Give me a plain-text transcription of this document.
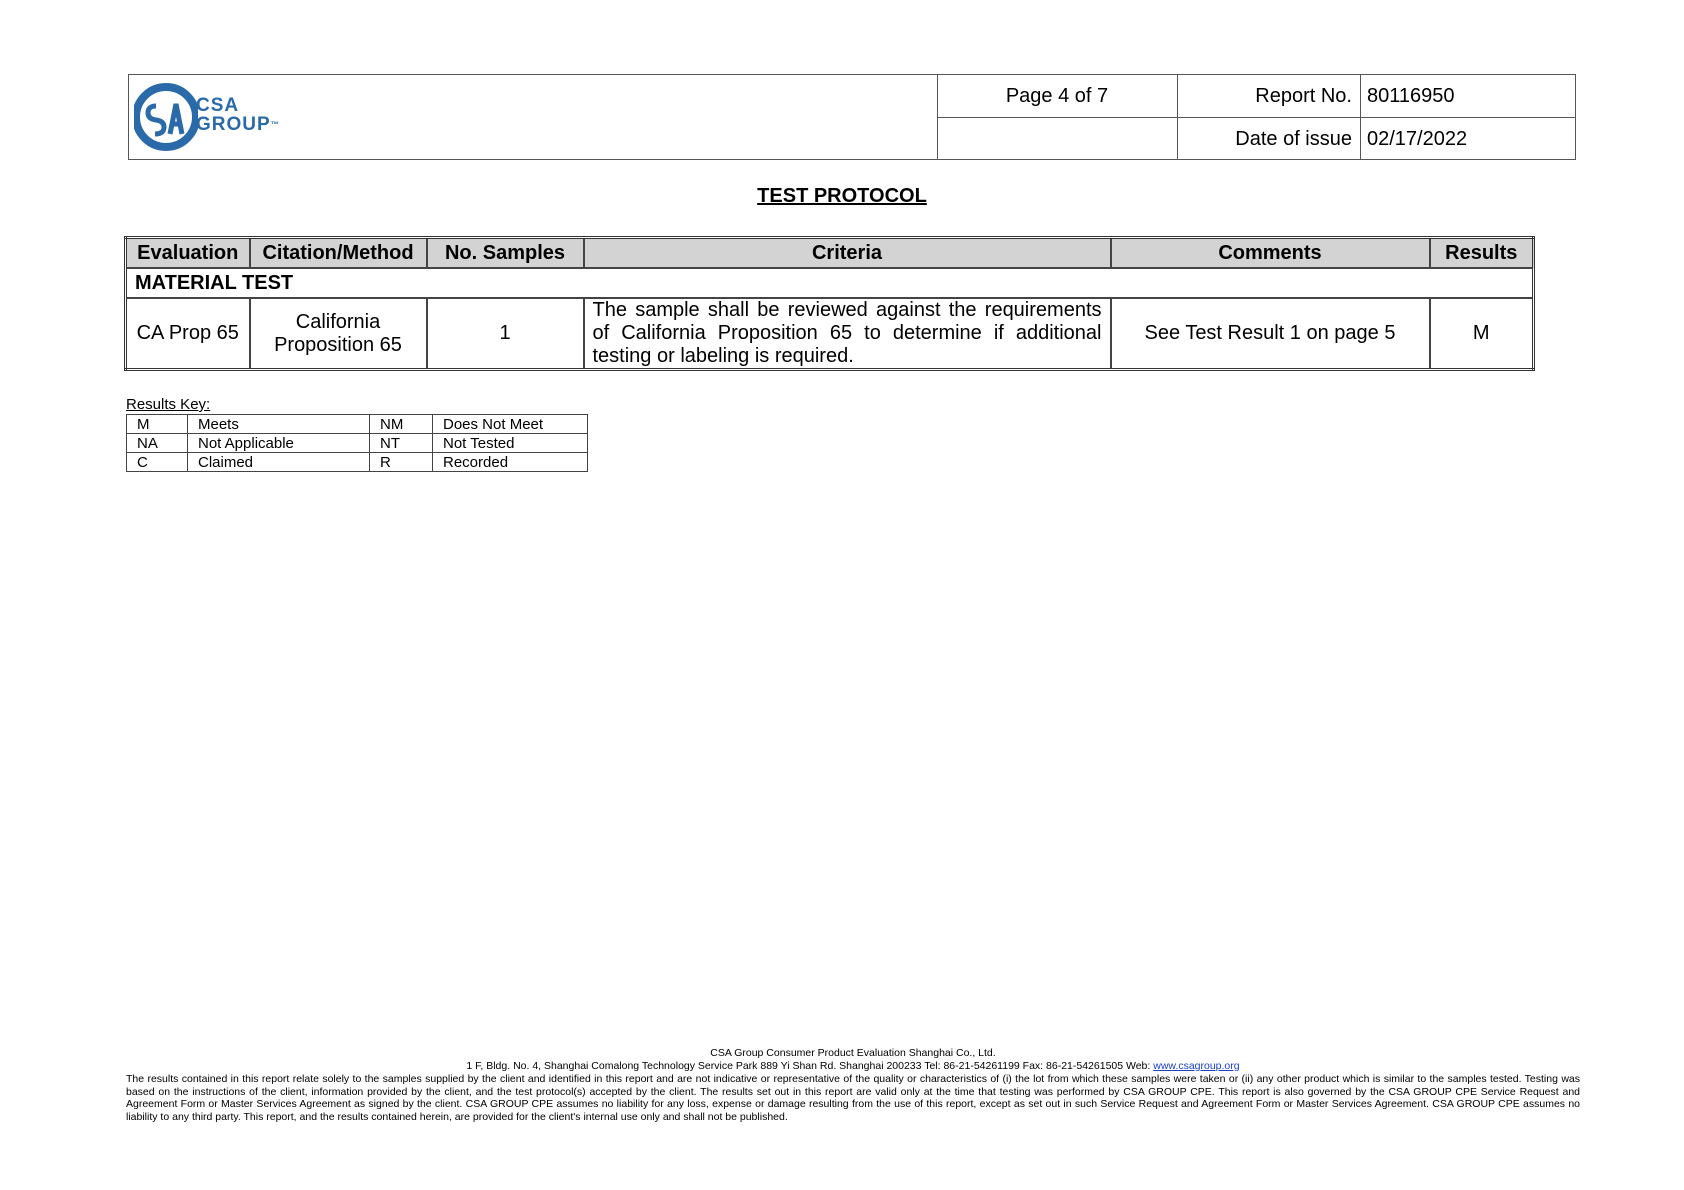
Page 4 of 7	Report No. 80116950
Date of issue 02/17/2022
CSA
GROUP™
TEST PROTOCOL
Evaluation	Citation/Method	No. Samples	Criteria	Comments	Results
MATERIAL TEST					
CA Prop 65	California Proposition 65	1	The sample shall be reviewed against the requirements of California Proposition 65 to determine if additional testing or labeling is required.	See Test Result 1 on page 5	M
Results Key:
M	Meets	NM	Does Not Meet
NA	Not Applicable	NT	Not Tested
C	Claimed	R	Recorded
CSA Group Consumer Product Evaluation Shanghai Co., Ltd.
1 F, Bldg. No. 4, Shanghai Comalong Technology Service Park 889 Yi Shan Rd. Shanghai 200233 Tel: 86-21-54261199 Fax: 86-21-54261505 Web: www.csagroup.org
The results contained in this report relate solely to the samples supplied by the client and identified in this report and are not indicative or representative of the quality or characteristics of (i) the lot from which these samples were taken or (ii) any other product which is similar to the samples tested. Testing was based on the instructions of the client, information provided by the client, and the test protocol(s) accepted by the client. The results set out in this report are valid only at the time that testing was performed by CSA GROUP CPE. This report is also governed by the CSA GROUP CPE Service Request and Agreement Form or Master Services Agreement as signed by the client. CSA GROUP CPE assumes no liability for any loss, expense or damage resulting from the use of this report, except as set out in such Service Request and Agreement Form or Master Services Agreement. CSA GROUP CPE assumes no liability to any third party. This report, and the results contained herein, are provided for the client's internal use only and shall not be published.
